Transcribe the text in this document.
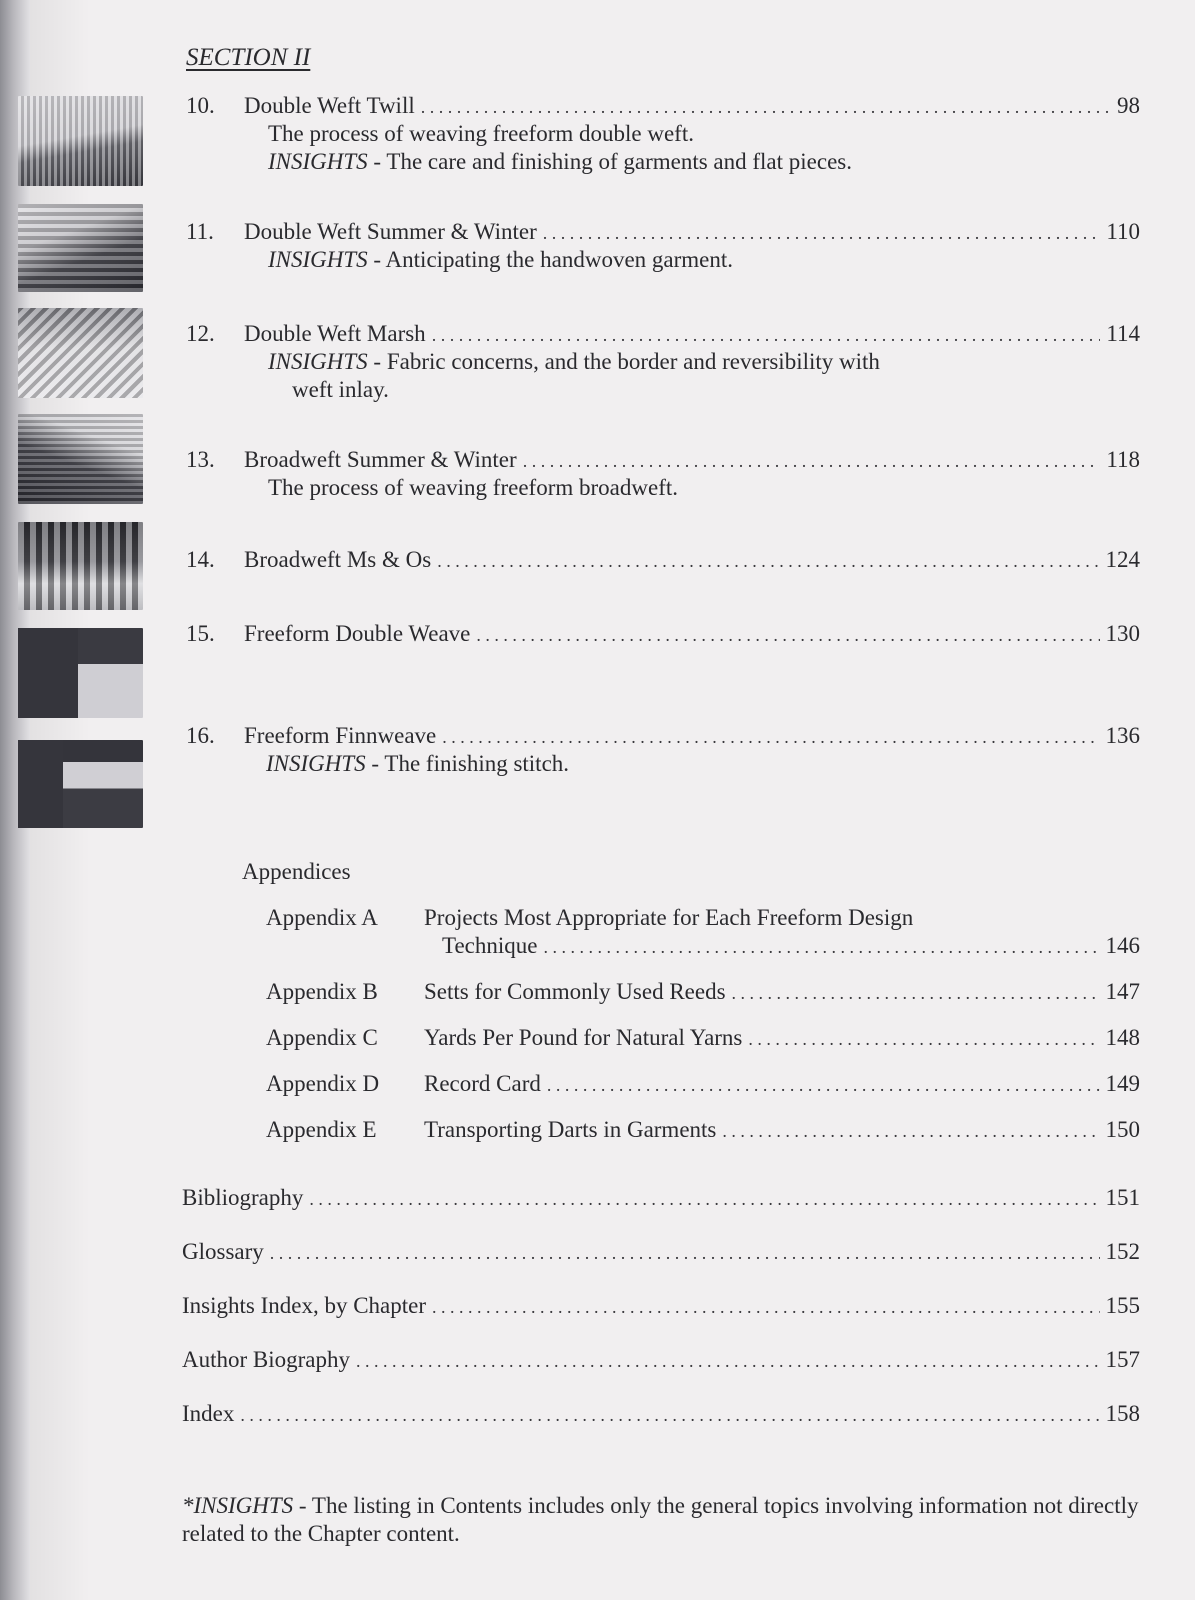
SECTION II
10.	Double Weft Twill . . .	98
The process of weaving freeform double weft.
INSIGHTS - The care and finishing of garments and flat pieces.
11.	Double Weft Summer & Winter . . .	110
INSIGHTS - Anticipating the handwoven garment.
12.	Double Weft Marsh . . .	114
INSIGHTS - Fabric concerns, and the border and reversibility with
weft inlay.
13.	Broadweft Summer & Winter . . .	118
The process of weaving freeform broadweft.
14.	Broadweft Ms & Os . . .	124
15.	Freeform Double Weave . . .	130
16.	Freeform Finnweave . . .	136
INSIGHTS - The finishing stitch.
Appendices
Appendix A Projects Most Appropriate for Each Freeform Design
Technique . . .	146
Appendix B	Setts for Commonly Used Reeds . . .	147
Appendix C	Yards Per Pound for Natural Yarns . . .	148
Appendix D	Record Card . . .	149
Appendix E	Transporting Darts in Garments . . .	150
Bibliography . . .	151
Glossary . . .	152
Insights Index, by Chapter . . .	155
Author Biography . . .	157
Index . . .	158
*INSIGHTS - The listing in Contents includes only the general topics involving information not directly related to the Chapter content.
